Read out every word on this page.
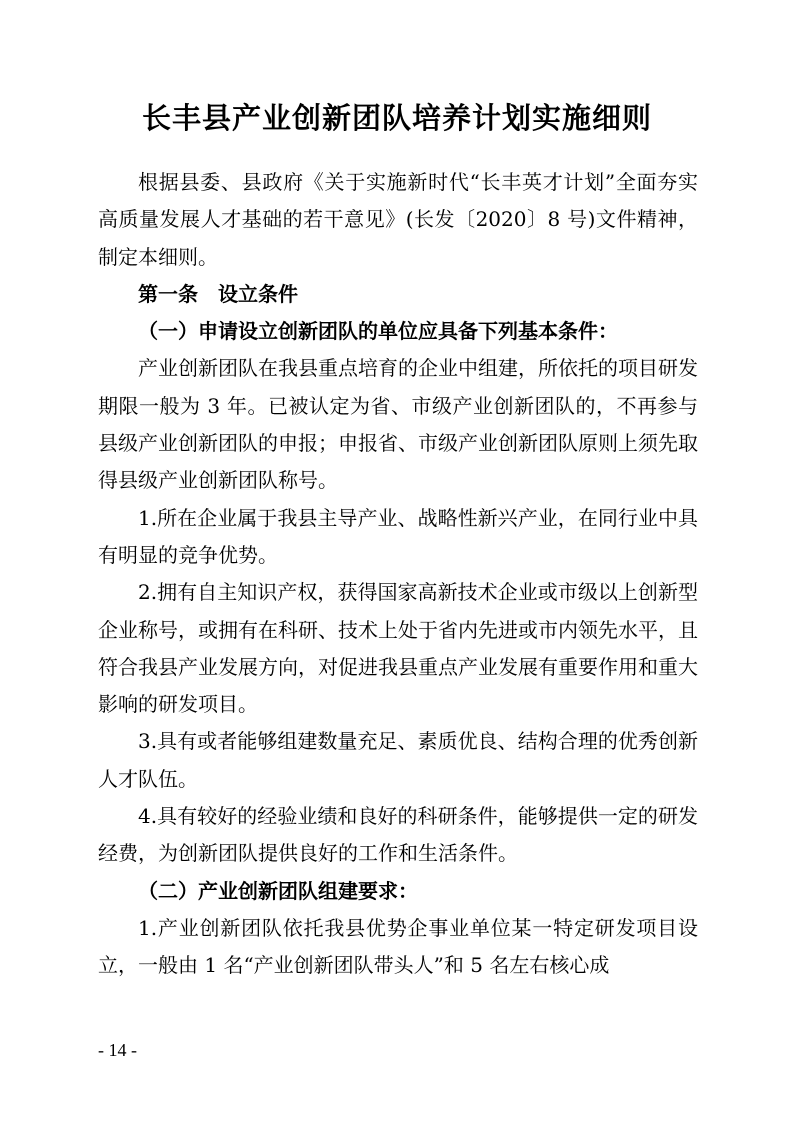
长丰县产业创新团队培养计划实施细则

根据县委、县政府《关于实施新时代“长丰英才计划”全面夯实高质量发展人才基础的若干意见》(长发〔2020〕8 号)文件精神，制定本细则。

第一条 设立条件

（一）申请设立创新团队的单位应具备下列基本条件：

产业创新团队在我县重点培育的企业中组建，所依托的项目研发期限一般为 3 年。已被认定为省、市级产业创新团队的，不再参与县级产业创新团队的申报；申报省、市级产业创新团队原则上须先取得县级产业创新团队称号。

1.所在企业属于我县主导产业、战略性新兴产业，在同行业中具有明显的竞争优势。

2.拥有自主知识产权，获得国家高新技术企业或市级以上创新型企业称号，或拥有在科研、技术上处于省内先进或市内领先水平，且符合我县产业发展方向，对促进我县重点产业发展有重要作用和重大影响的研发项目。

3.具有或者能够组建数量充足、素质优良、结构合理的优秀创新人才队伍。

4.具有较好的经验业绩和良好的科研条件，能够提供一定的研发经费，为创新团队提供良好的工作和生活条件。

（二）产业创新团队组建要求：

1.产业创新团队依托我县优势企事业单位某一特定研发项目设立，一般由 1 名“产业创新团队带头人”和 5 名左右核心成

- 14 -
